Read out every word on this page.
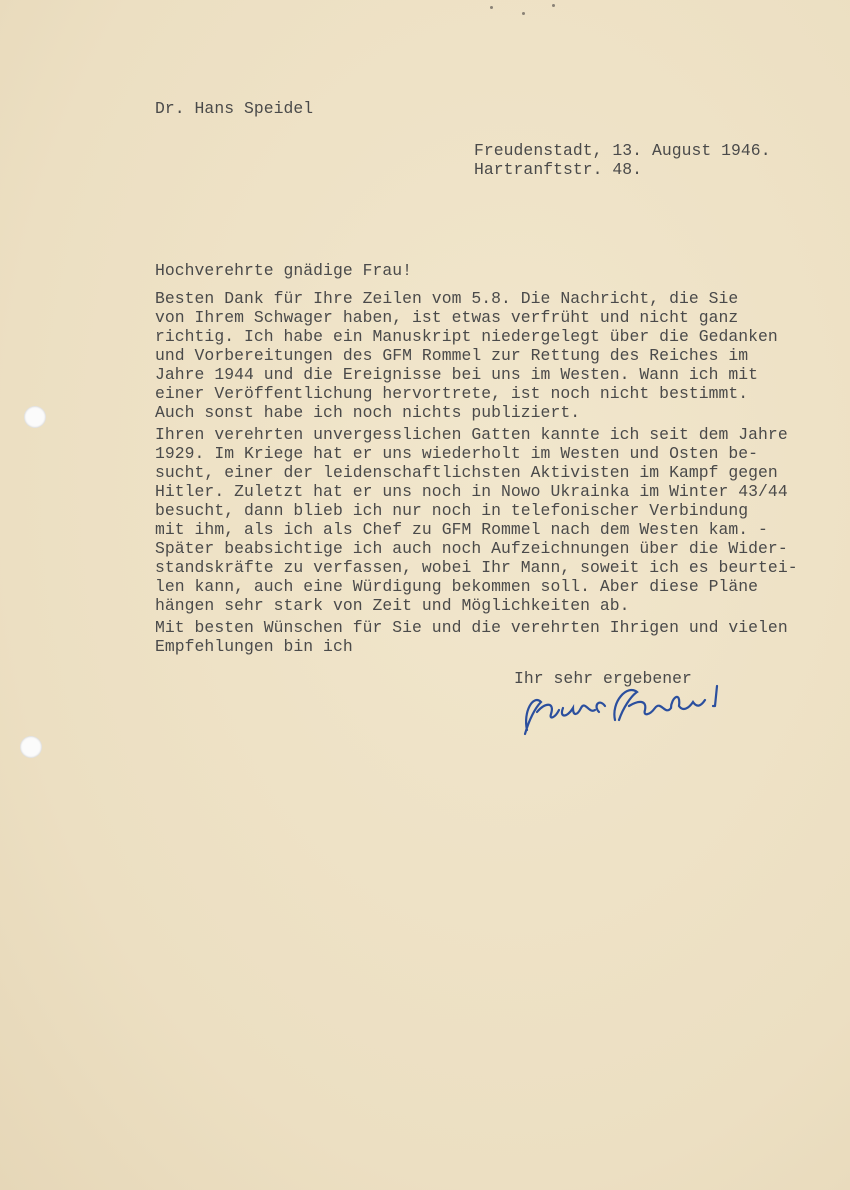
Dr. Hans Speidel
Freudenstadt, 13. August 1946.
Hartranftstr. 48.
Hochverehrte gnädige Frau!
Besten Dank für Ihre Zeilen vom 5.8. Die Nachricht, die Sie
von Ihrem Schwager haben, ist etwas verfrüht und nicht ganz
richtig. Ich habe ein Manuskript niedergelegt über die Gedanken
und Vorbereitungen des GFM Rommel zur Rettung des Reiches im
Jahre 1944 und die Ereignisse bei uns im Westen. Wann ich mit
einer Veröffentlichung hervortrete, ist noch nicht bestimmt.
Auch sonst habe ich noch nichts publiziert.
Ihren verehrten unvergesslichen Gatten kannte ich seit dem Jahre
1929. Im Kriege hat er uns wiederholt im Westen und Osten be-
sucht, einer der leidenschaftlichsten Aktivisten im Kampf gegen
Hitler. Zuletzt hat er uns noch in Nowo Ukrainka im Winter 43/44
besucht, dann blieb ich nur noch in telefonischer Verbindung
mit ihm, als ich als Chef zu GFM Rommel nach dem Westen kam. -
Später beabsichtige ich auch noch Aufzeichnungen über die Wider-
standskräfte zu verfassen, wobei Ihr Mann, soweit ich es beurtei-
len kann, auch eine Würdigung bekommen soll. Aber diese Pläne
hängen sehr stark von Zeit und Möglichkeiten ab.
Mit besten Wünschen für Sie und die verehrten Ihrigen und vielen
Empfehlungen bin ich
Ihr sehr ergebener
